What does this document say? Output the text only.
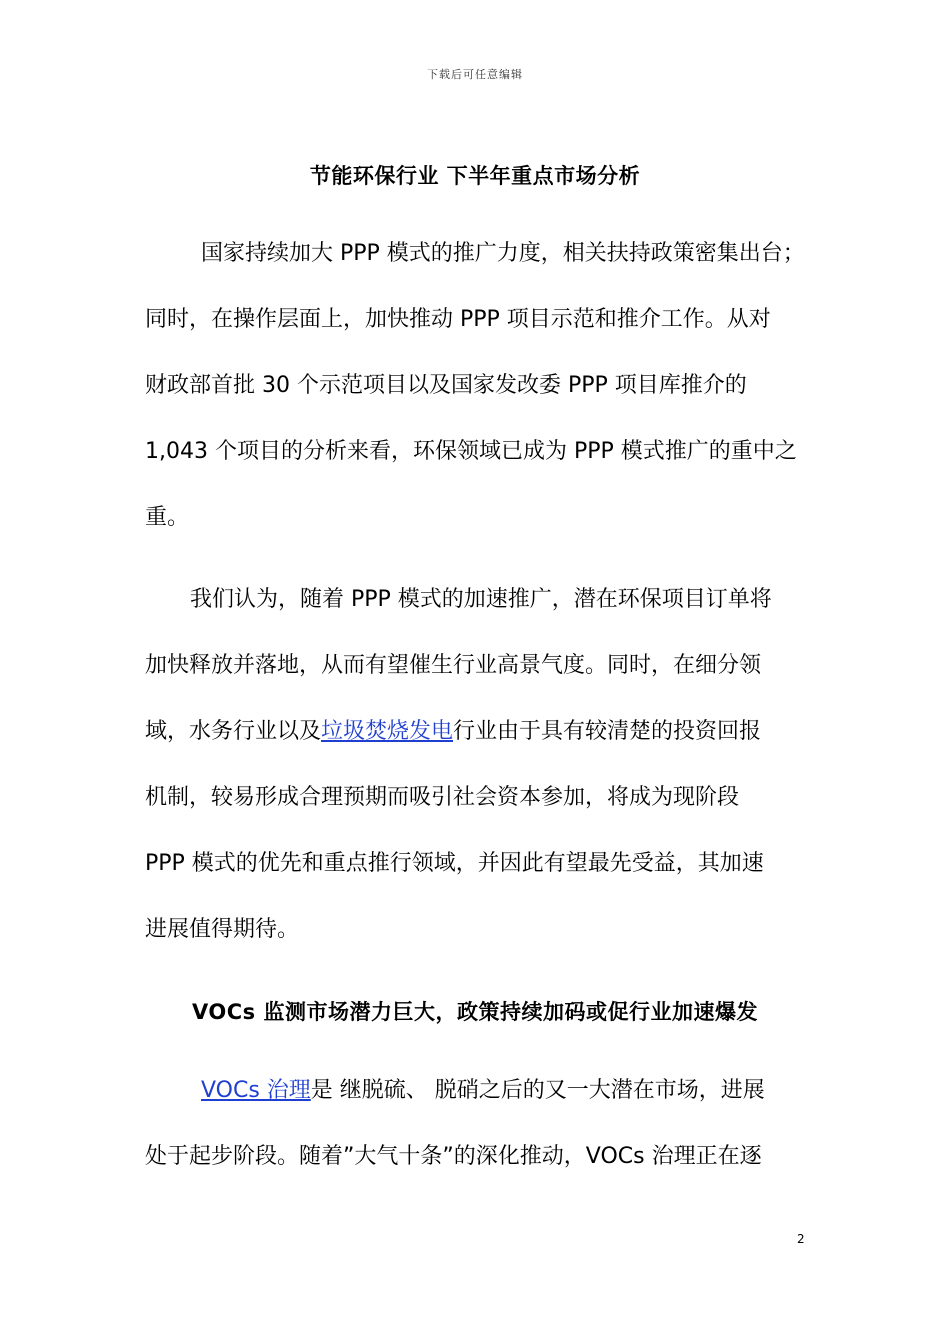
下载后可任意编辑
节能环保行业 下半年重点市场分析
国家持续加大 PPP 模式的推广力度，相关扶持政策密集出台；
同时，在操作层面上，加快推动 PPP 项目示范和推介工作。从对
财政部首批 30 个示范项目以及国家发改委 PPP 项目库推介的
1,043 个项目的分析来看，环保领域已成为 PPP 模式推广的重中之
重。
我们认为，随着 PPP 模式的加速推广，潜在环保项目订单将
加快释放并落地，从而有望催生行业高景气度。同时，在细分领
域，水务行业以及垃圾焚烧发电行业由于具有较清楚的投资回报
机制，较易形成合理预期而吸引社会资本参加，将成为现阶段
PPP 模式的优先和重点推行领域，并因此有望最先受益，其加速
进展值得期待。
VOCs 监测市场潜力巨大，政策持续加码或促行业加速爆发
VOCs 治理是 继脱硫、 脱硝之后的又一大潜在市场，进展
处于起步阶段。随着”大气十条”的深化推动，VOCs 治理正在逐
2
